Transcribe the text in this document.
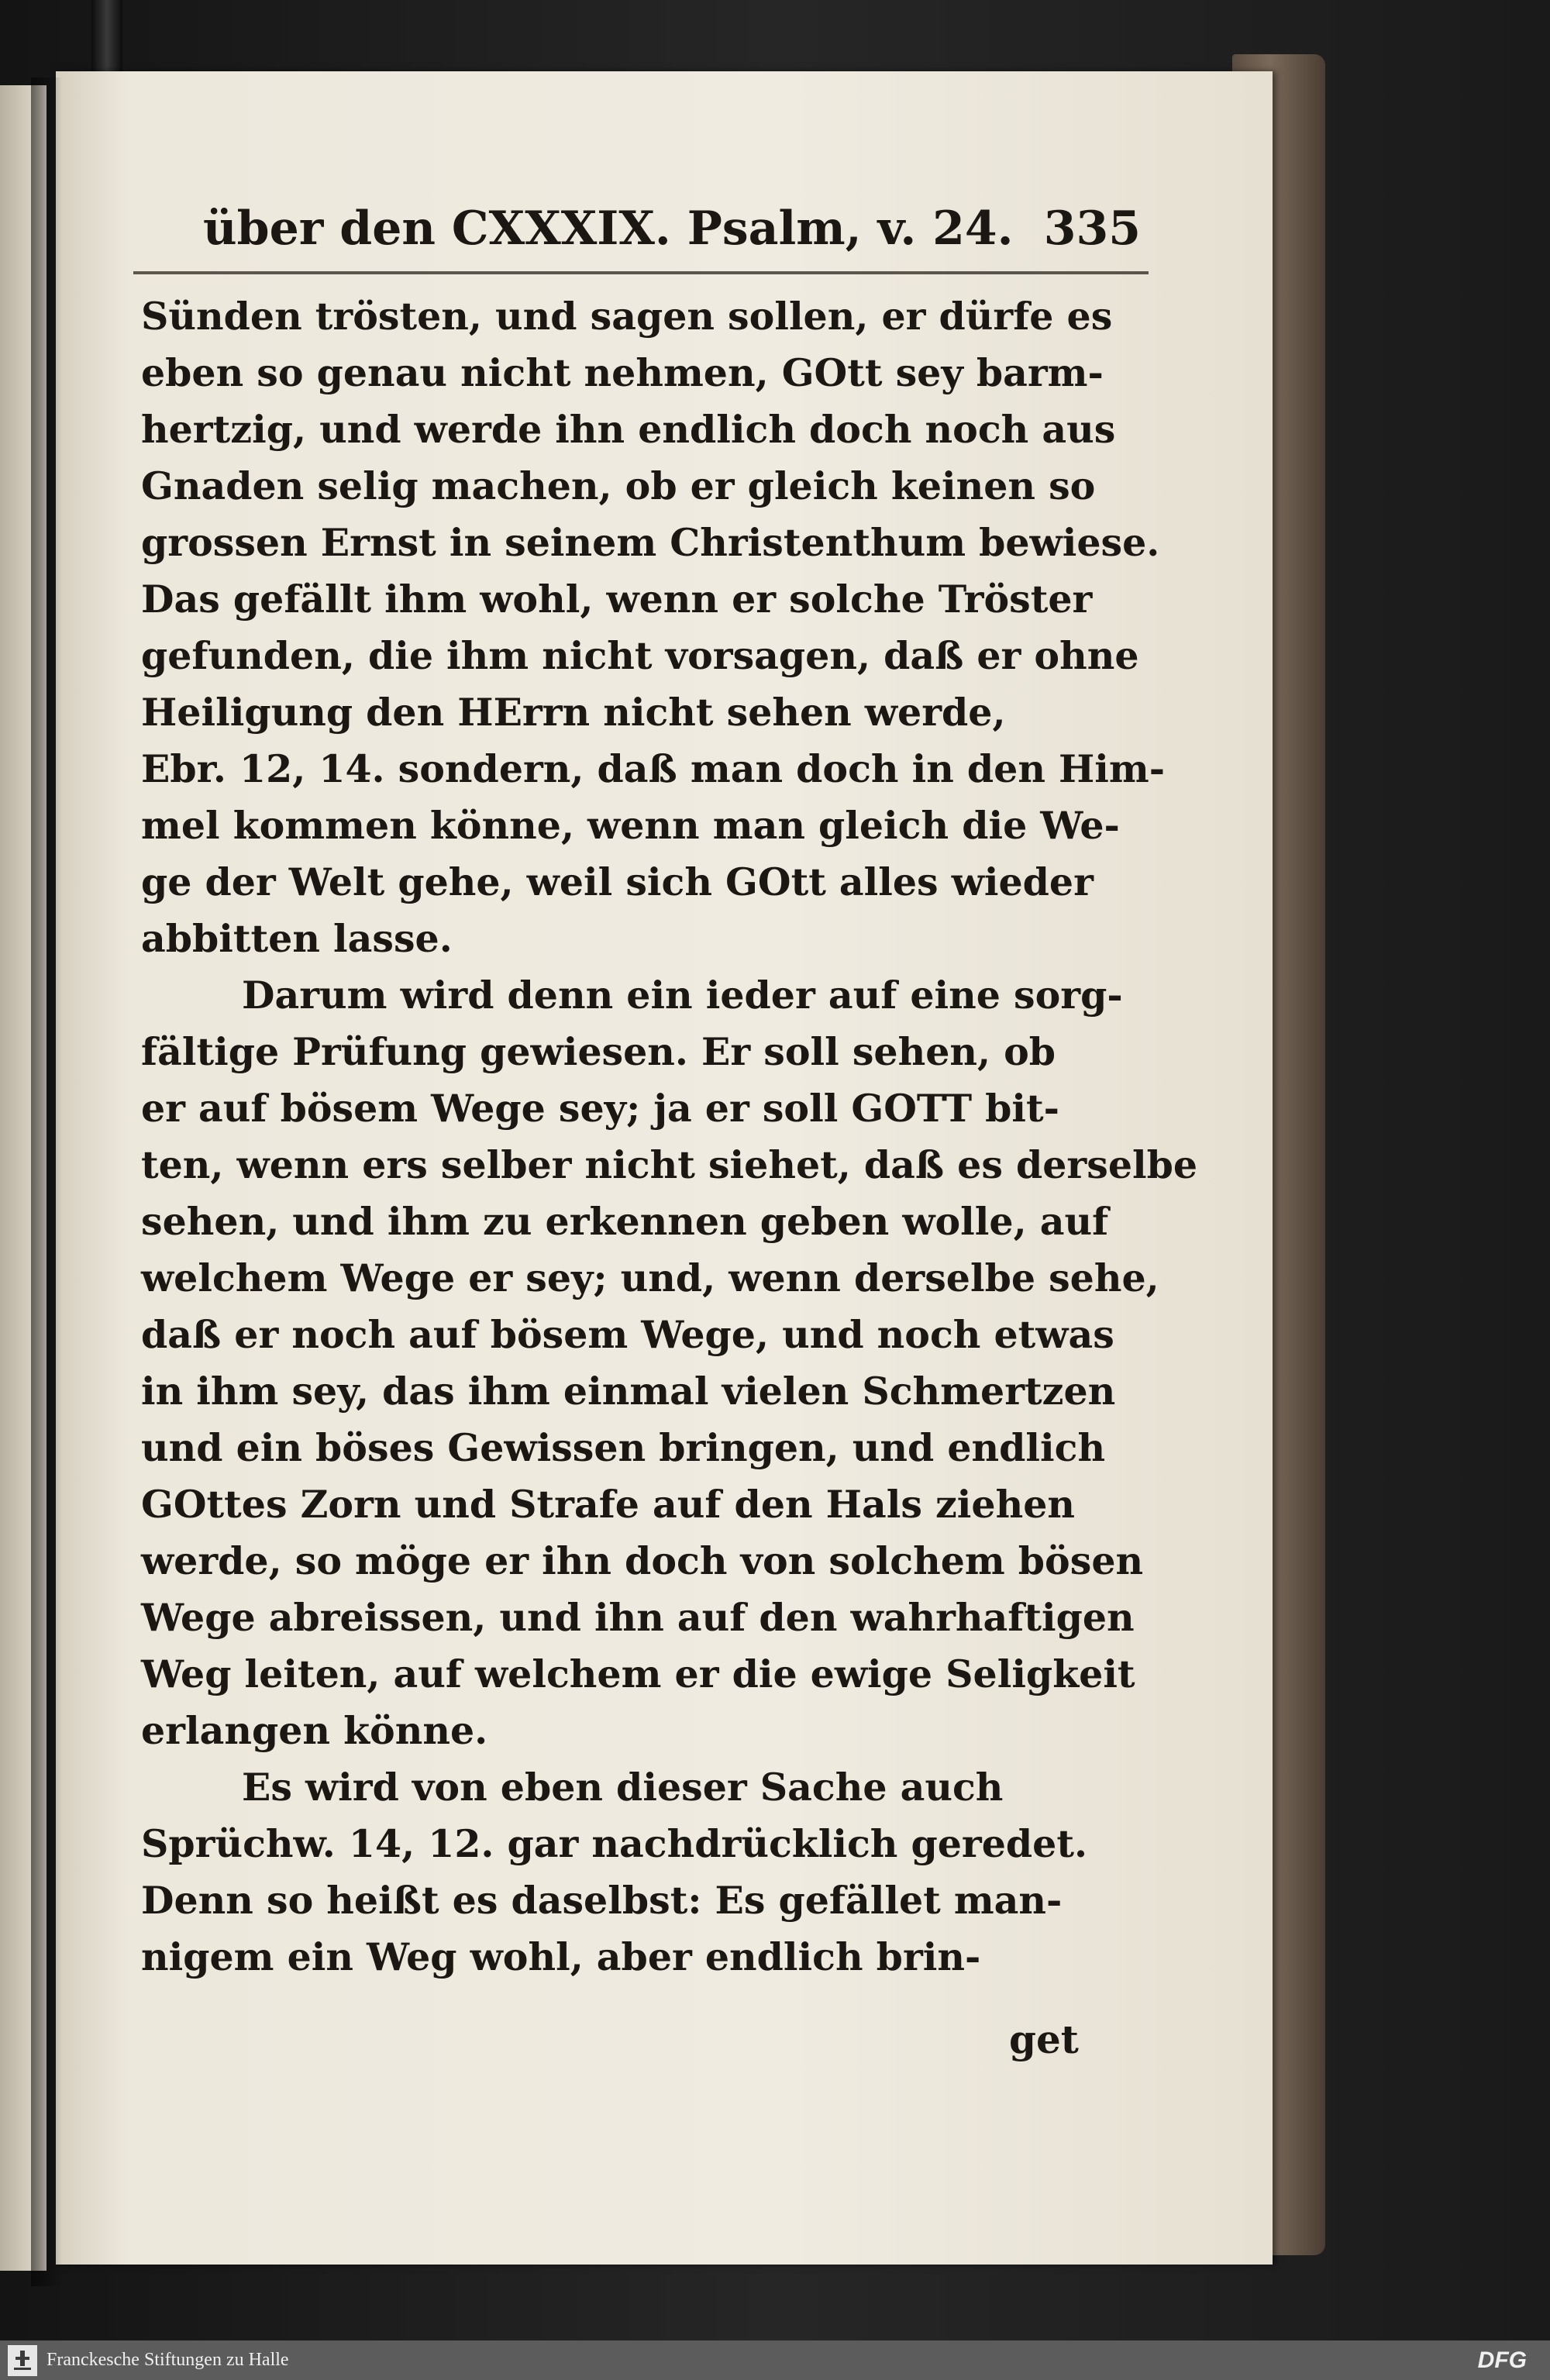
über den CXXXIX. Psalm, v. 24. 335
Sünden trösten, und sagen sollen, er dürfe es
eben so genau nicht nehmen, GOtt sey barm-
hertzig, und werde ihn endlich doch noch aus
Gnaden selig machen, ob er gleich keinen so
grossen Ernst in seinem Christenthum bewiese.
Das gefällt ihm wohl, wenn er solche Tröster
gefunden, die ihm nicht vorsagen, daß er ohne
Heiligung den HErrn nicht sehen werde,
Ebr. 12, 14. sondern, daß man doch in den Him-
mel kommen könne, wenn man gleich die We-
ge der Welt gehe, weil sich GOtt alles wieder
abbitten lasse.
Darum wird denn ein ieder auf eine sorg-
fältige Prüfung gewiesen. Er soll sehen, ob
er auf bösem Wege sey; ja er soll GOTT bit-
ten, wenn ers selber nicht siehet, daß es derselbe
sehen, und ihm zu erkennen geben wolle, auf
welchem Wege er sey; und, wenn derselbe sehe,
daß er noch auf bösem Wege, und noch etwas
in ihm sey, das ihm einmal vielen Schmertzen
und ein böses Gewissen bringen, und endlich
GOttes Zorn und Strafe auf den Hals ziehen
werde, so möge er ihn doch von solchem bösen
Wege abreissen, und ihn auf den wahrhaftigen
Weg leiten, auf welchem er die ewige Seligkeit
erlangen könne.
Es wird von eben dieser Sache auch
Sprüchw. 14, 12. gar nachdrücklich geredet.
Denn so heißt es daselbst: Es gefället man-
nigem ein Weg wohl, aber endlich brin-
get
Franckesche Stiftungen zu Halle	DFG
